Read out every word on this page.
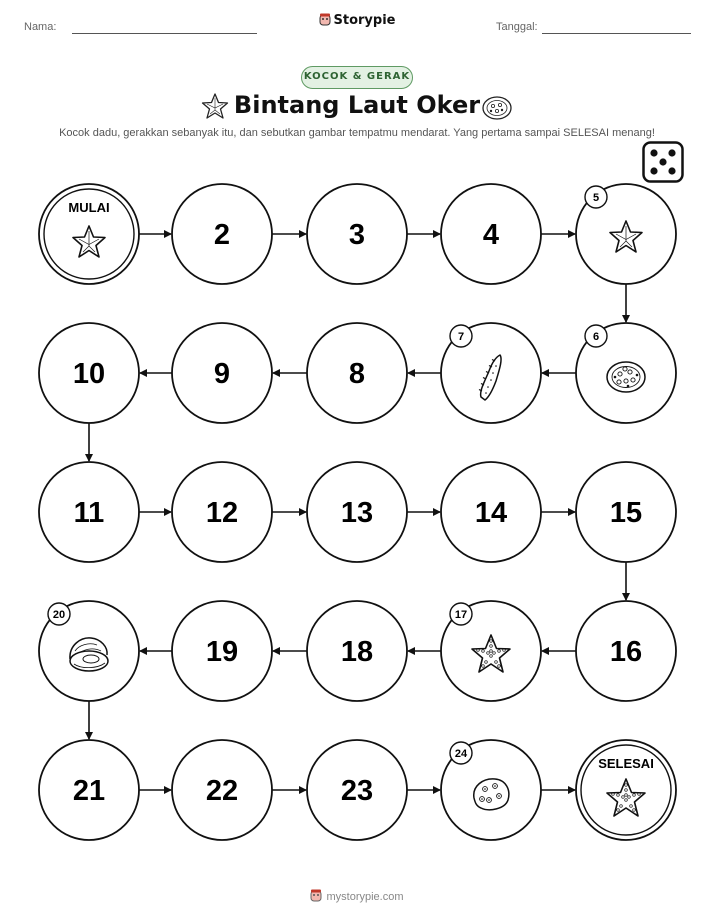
Nama:	Storypie	Tanggal:
KOCOK & GERAK
Bintang Laut Oker
Kocok dadu, gerakkan sebanyak itu, dan sebutkan gambar tempatmu mendarat. Yang pertama sampai SELESAI menang!
MULAI
2	3	4
5
6
7
8
9
10
11	12	13	14	15
16
17
18
19
20
21	22	23
24
SELESAI
mystorypie.com
